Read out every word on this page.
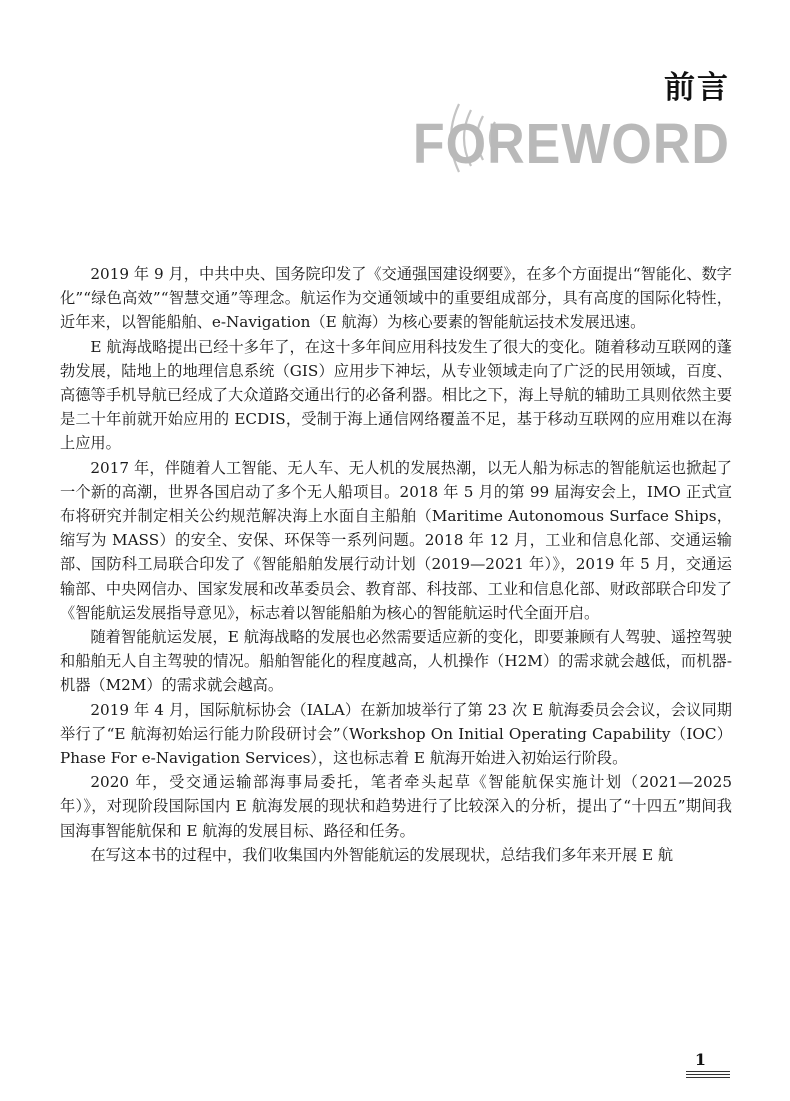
前言
FOREWORD

2019 年 9 月，中共中央、国务院印发了《交通强国建设纲要》，在多个方面提出“智能化、数字化”“绿色高效”“智慧交通”等理念。航运作为交通领域中的重要组成部分，具有高度的国际化特性，近年来，以智能船舶、e-Navigation（E 航海）为核心要素的智能航运技术发展迅速。

E 航海战略提出已经十多年了，在这十多年间应用科技发生了很大的变化。随着移动互联网的蓬勃发展，陆地上的地理信息系统（GIS）应用步下神坛，从专业领域走向了广泛的民用领域，百度、高德等手机导航已经成了大众道路交通出行的必备利器。相比之下，海上导航的辅助工具则依然主要是二十年前就开始应用的 ECDIS，受制于海上通信网络覆盖不足，基于移动互联网的应用难以在海上应用。

2017 年，伴随着人工智能、无人车、无人机的发展热潮，以无人船为标志的智能航运也掀起了一个新的高潮，世界各国启动了多个无人船项目。2018 年 5 月的第 99 届海安会上，IMO 正式宣布将研究并制定相关公约规范解决海上水面自主船舶（Maritime Autonomous Surface Ships，缩写为 MASS）的安全、安保、环保等一系列问题。2018 年 12 月，工业和信息化部、交通运输部、国防科工局联合印发了《智能船舶发展行动计划（2019—2021 年）》，2019 年 5 月，交通运输部、中央网信办、国家发展和改革委员会、教育部、科技部、工业和信息化部、财政部联合印发了《智能航运发展指导意见》，标志着以智能船舶为核心的智能航运时代全面开启。

随着智能航运发展，E 航海战略的发展也必然需要适应新的变化，即要兼顾有人驾驶、遥控驾驶和船舶无人自主驾驶的情况。船舶智能化的程度越高，人机操作（H2M）的需求就会越低，而机器-机器（M2M）的需求就会越高。

2019 年 4 月，国际航标协会（IALA）在新加坡举行了第 23 次 E 航海委员会会议，会议同期举行了“E 航海初始运行能力阶段研讨会”（Workshop On Initial Operating Capability（IOC）Phase For e-Navigation Services），这也标志着 E 航海开始进入初始运行阶段。

2020 年，受交通运输部海事局委托，笔者牵头起草《智能航保实施计划（2021—2025 年）》，对现阶段国际国内 E 航海发展的现状和趋势进行了比较深入的分析，提出了“十四五”期间我国海事智能航保和 E 航海的发展目标、路径和任务。

在写这本书的过程中，我们收集国内外智能航运的发展现状，总结我们多年来开展 E 航

1
